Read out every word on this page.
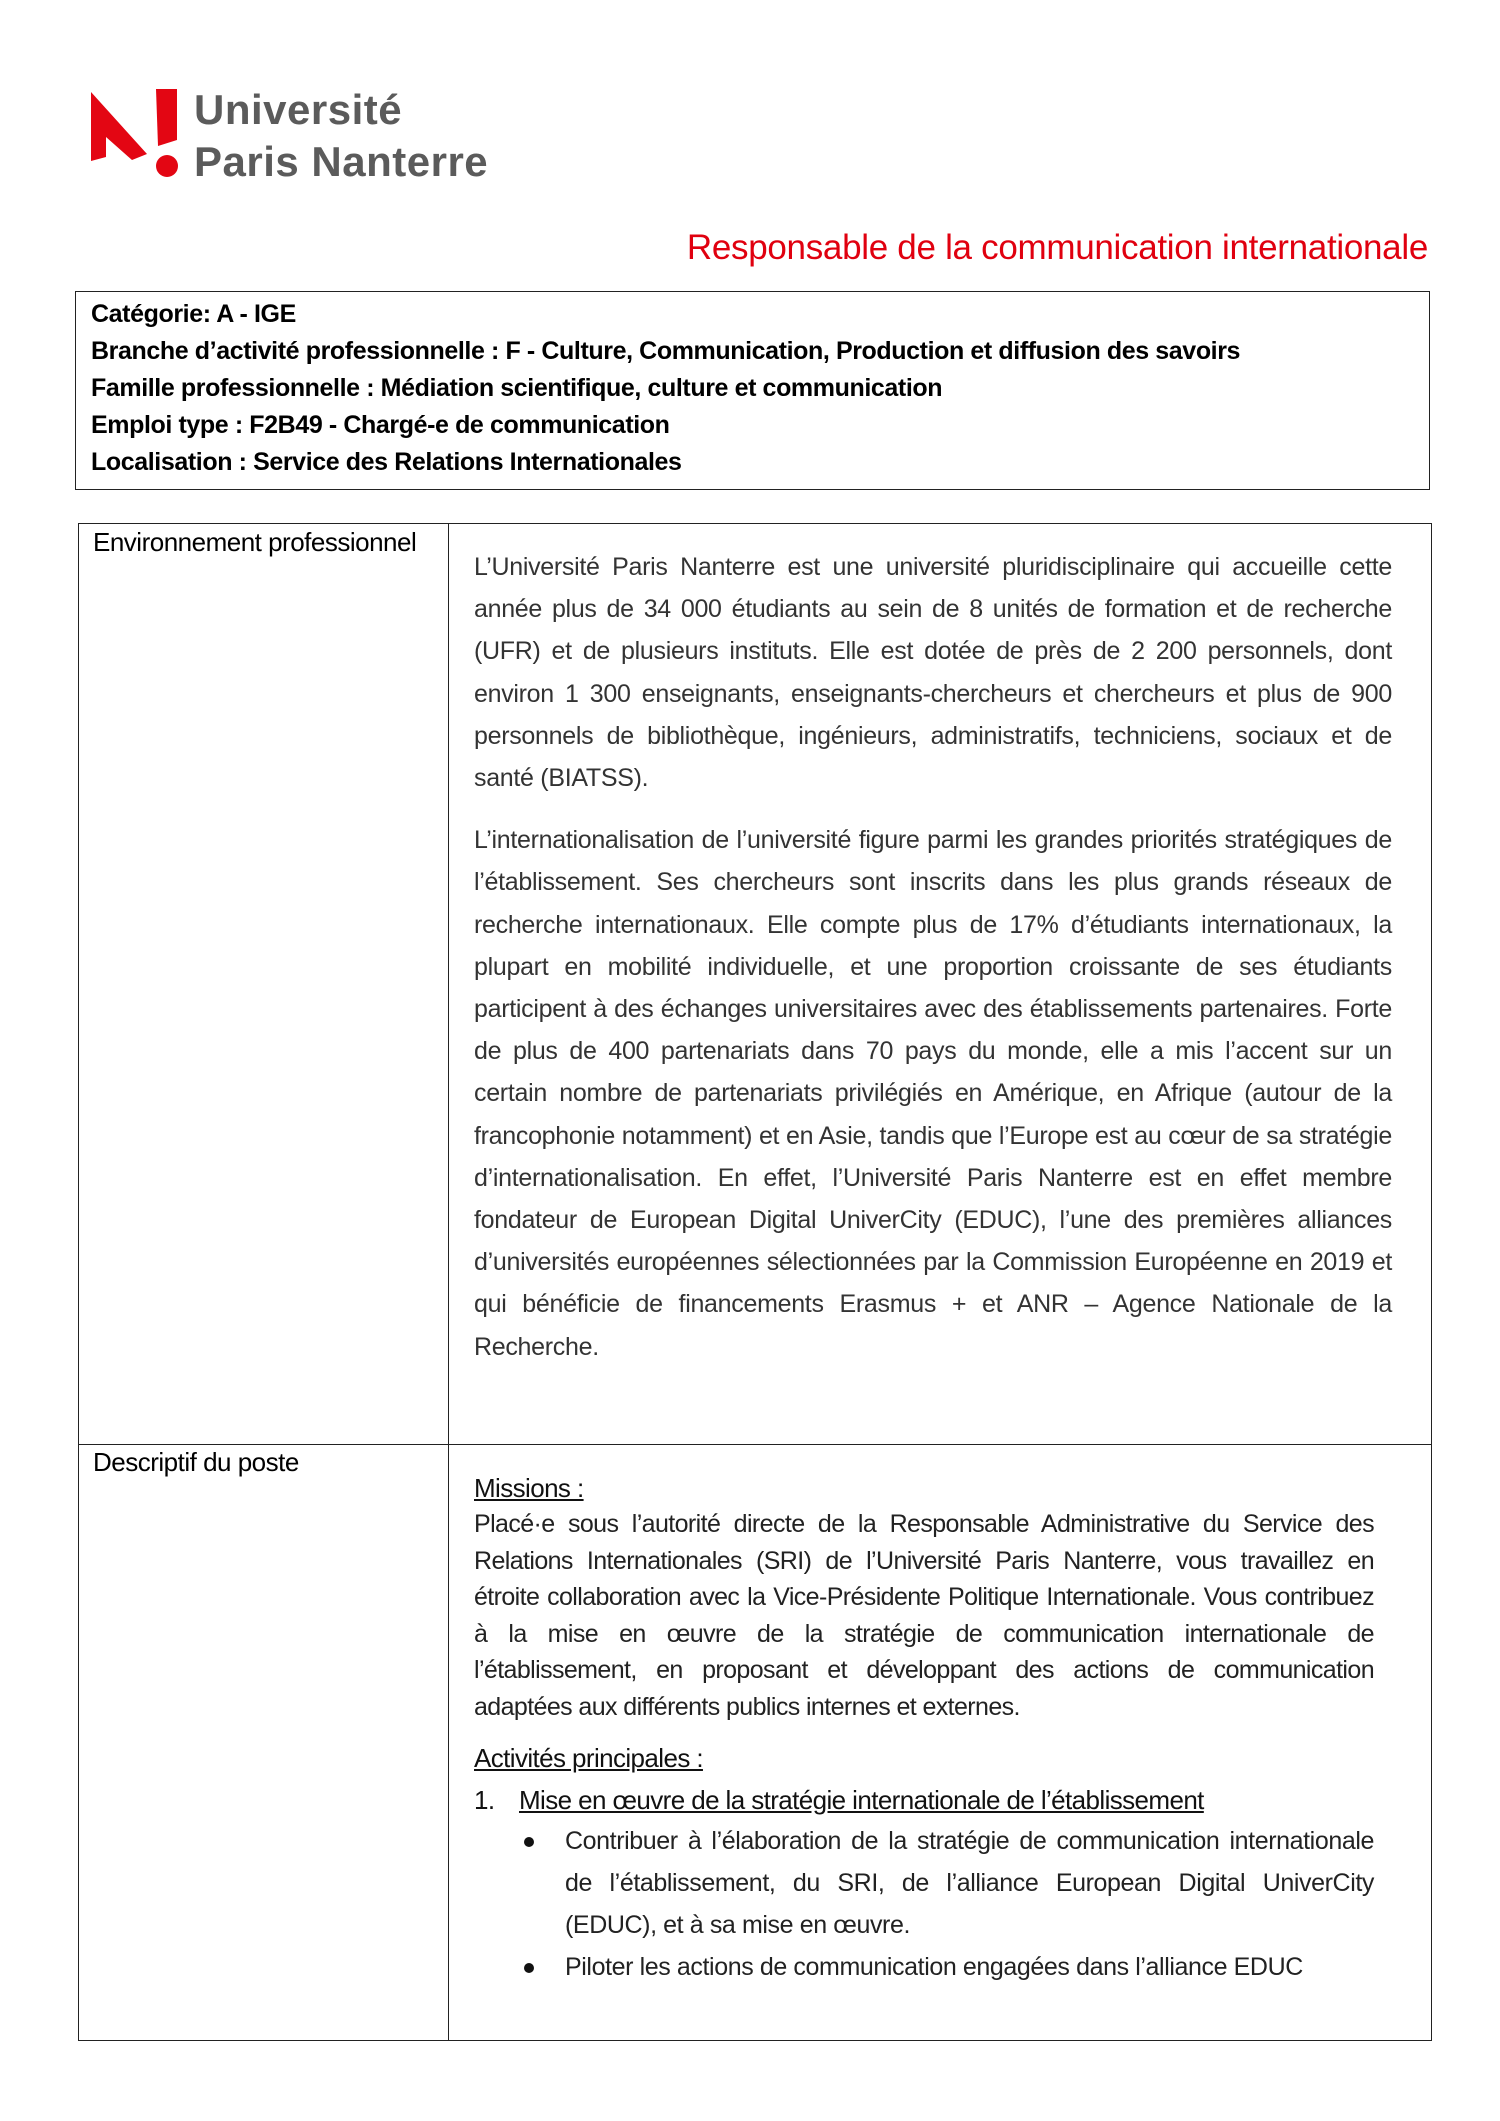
Université
Paris Nanterre
Responsable de la communication internationale
Catégorie: A - IGE
Branche d’activité professionnelle : F - Culture, Communication, Production et diffusion des savoirs
Famille professionnelle : Médiation scientifique, culture et communication
Emploi type : F2B49 - Chargé-e de communication
Localisation : Service des Relations Internationales
Environnement professionnel

L’Université Paris Nanterre est une université pluridisciplinaire qui accueille cette année plus de 34 000 étudiants au sein de 8 unités de formation et de recherche (UFR) et de plusieurs instituts. Elle est dotée de près de 2 200 personnels, dont environ 1 300 enseignants, enseignants-chercheurs et chercheurs et plus de 900 personnels de bibliothèque, ingénieurs, administratifs, techniciens, sociaux et de santé (BIATSS).

L’internationalisation de l’université figure parmi les grandes priorités stratégiques de l’établissement. Ses chercheurs sont inscrits dans les plus grands réseaux de recherche internationaux. Elle compte plus de 17% d’étudiants internationaux, la plupart en mobilité individuelle, et une proportion croissante de ses étudiants participent à des échanges universitaires avec des établissements partenaires. Forte de plus de 400 partenariats dans 70 pays du monde, elle a mis l’accent sur un certain nombre de partenariats privilégiés en Amérique, en Afrique (autour de la francophonie notamment) et en Asie, tandis que l’Europe est au cœur de sa stratégie d’internationalisation. En effet, l’Université Paris Nanterre est en effet membre fondateur de European Digital UniverCity (EDUC), l’une des premières alliances d’universités européennes sélectionnées par la Commission Européenne en 2019 et qui bénéficie de financements Erasmus + et ANR – Agence Nationale de la Recherche.

Descriptif du poste

Missions :

Placé·e sous l’autorité directe de la Responsable Administrative du Service des Relations Internationales (SRI) de l’Université Paris Nanterre, vous travaillez en étroite collaboration avec la Vice-Présidente Politique Internationale. Vous contribuez à la mise en œuvre de la stratégie de communication internationale de l’établissement, en proposant et développant des actions de communication adaptées aux différents publics internes et externes.

Activités principales :

1. Mise en œuvre de la stratégie internationale de l’établissement
Contribuer à l’élaboration de la stratégie de communication internationale de l’établissement, du SRI, de l’alliance European Digital UniverCity (EDUC), et à sa mise en œuvre.
Piloter les actions de communication engagées dans l’alliance EDUC
